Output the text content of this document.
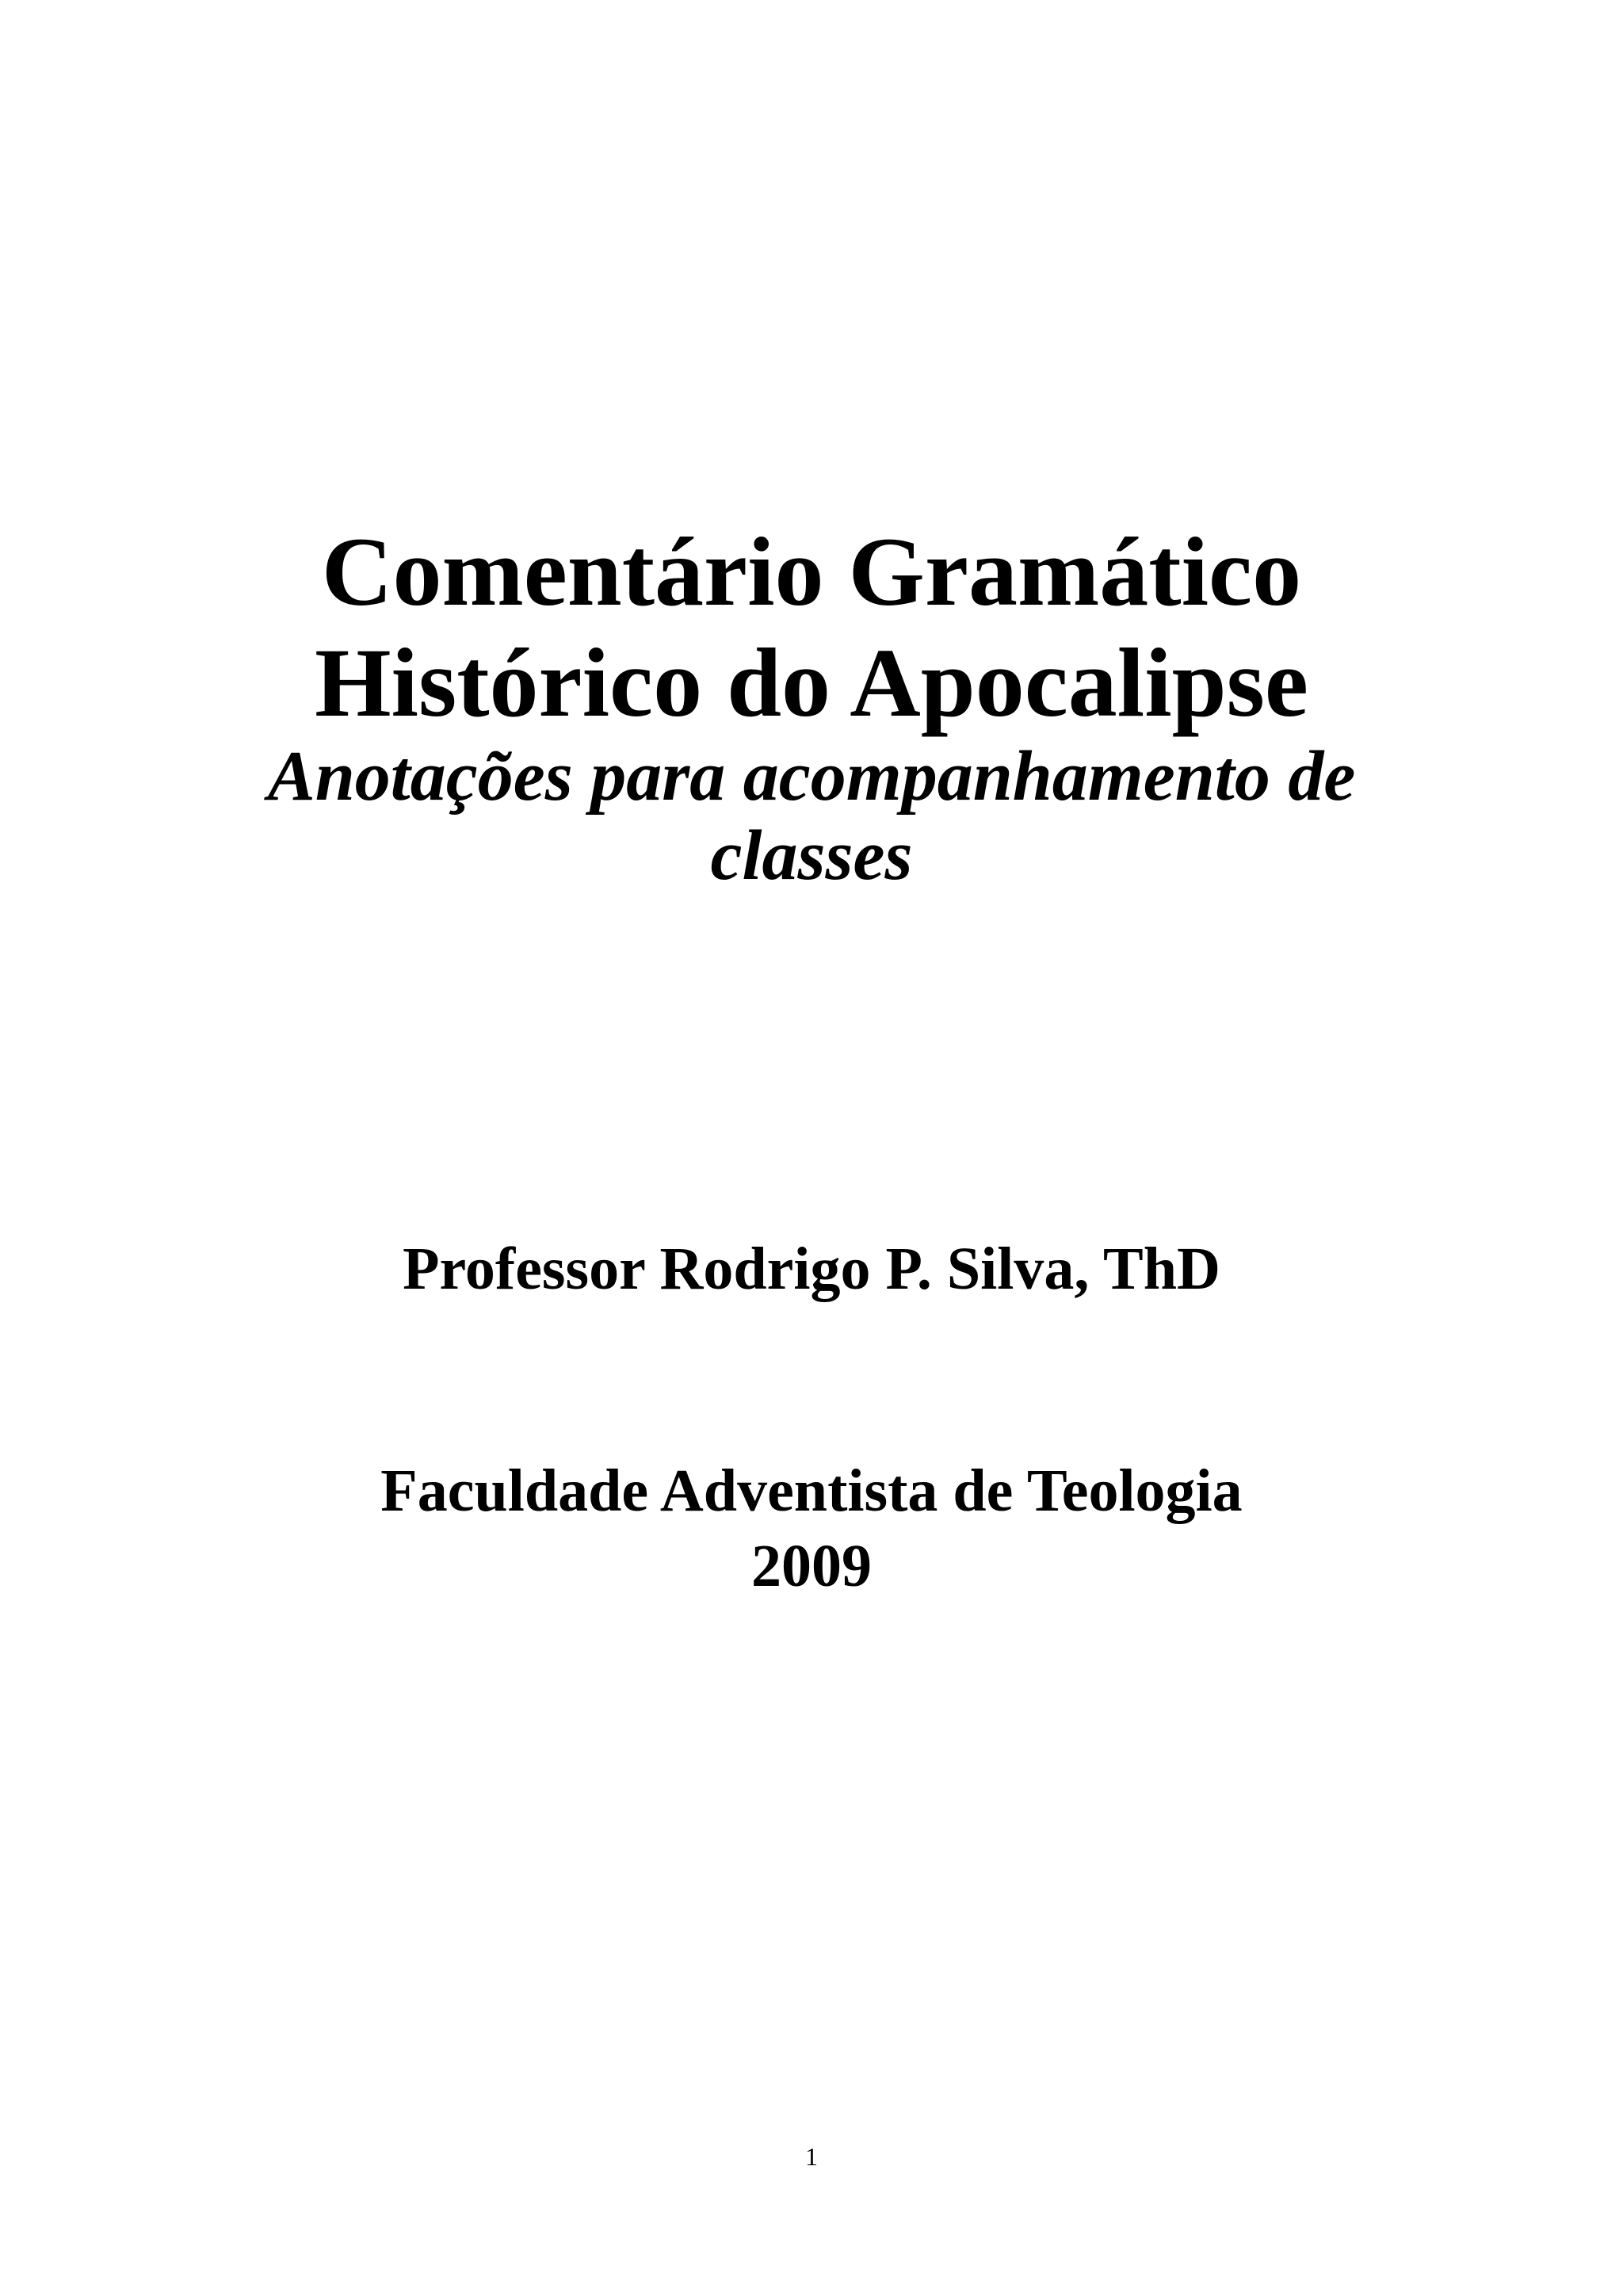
Comentário Gramático
Histórico do Apocalipse
Anotações para acompanhamento de
classes
Professor Rodrigo P. Silva, ThD
Faculdade Adventista de Teologia
2009
1
